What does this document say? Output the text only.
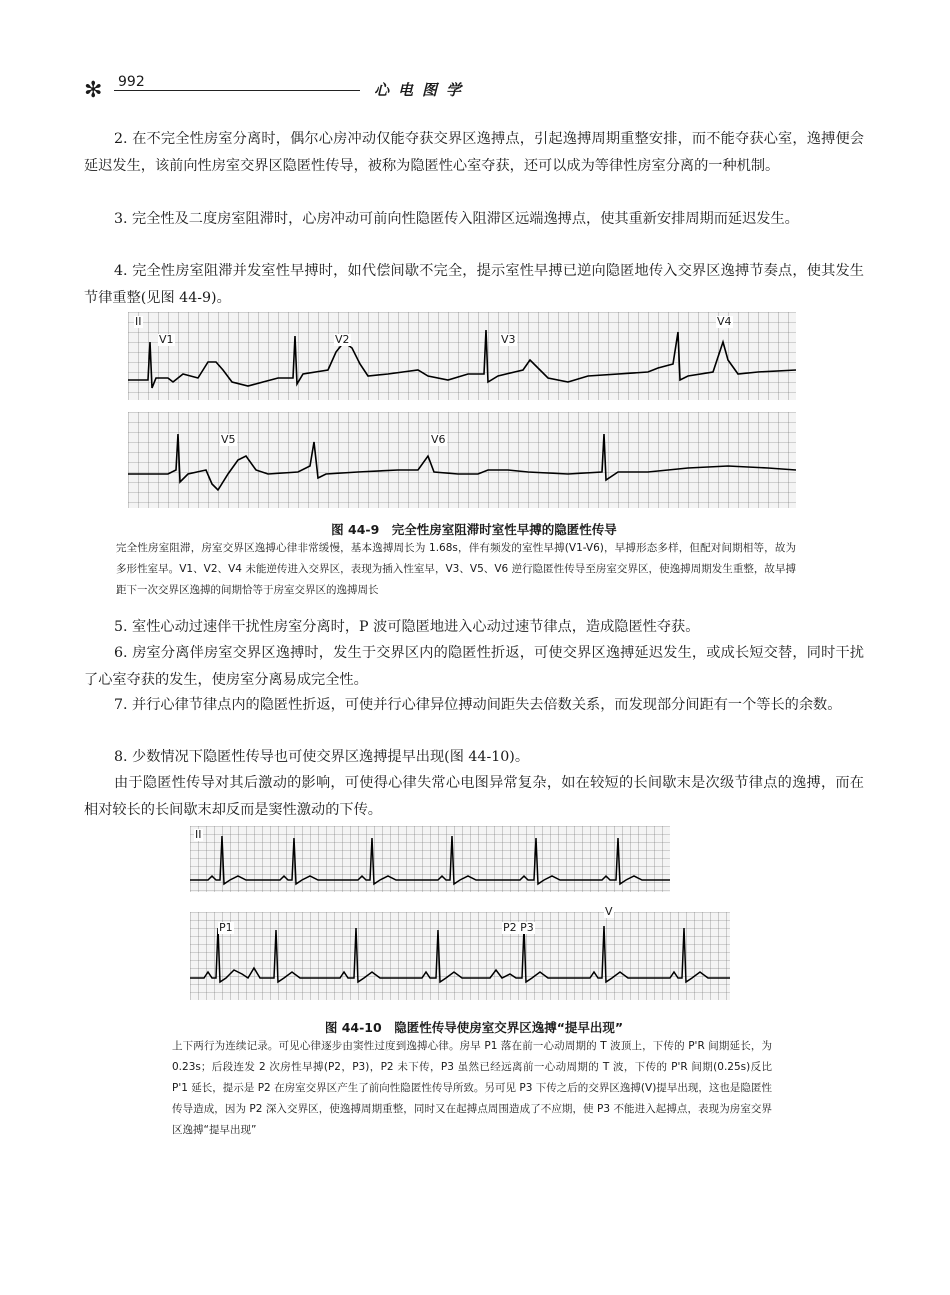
✻ 992	心电图学

2. 在不完全性房室分离时，偶尔心房冲动仅能夺获交界区逸搏点，引起逸搏周期重整安排，而不能夺获心室，逸搏便会延迟发生，该前向性房室交界区隐匿性传导，被称为隐匿性心室夺获，还可以成为等律性房室分离的一种机制。

3. 完全性及二度房室阻滞时，心房冲动可前向性隐匿传入阻滞区远端逸搏点，使其重新安排周期而延迟发生。

4. 完全性房室阻滞并发室性早搏时，如代偿间歇不完全，提示室性早搏已逆向隐匿地传入交界区逸搏节奏点，使其发生节律重整(见图 44-9)。

II
V1	V2	V3
V4
V5	V6
图 44-9　完全性房室阻滞时室性早搏的隐匿性传导

完全性房室阻滞，房室交界区逸搏心律非常缓慢，基本逸搏周长为 1.68s，伴有频发的室性早搏(V1-V6)，早搏形态多样，但配对间期相等，故为多形性室早。V1、V2、V4 未能逆传进入交界区，表现为插入性室早，V3、V5、V6 逆行隐匿性传导至房室交界区，使逸搏周期发生重整，故早搏距下一次交界区逸搏的间期恰等于房室交界区的逸搏周长

5. 室性心动过速伴干扰性房室分离时，P 波可隐匿地进入心动过速节律点，造成隐匿性夺获。

6. 房室分离伴房室交界区逸搏时，发生于交界区内的隐匿性折返，可使交界区逸搏延迟发生，或成长短交替，同时干扰了心室夺获的发生，使房室分离易成完全性。

7. 并行心律节律点内的隐匿性折返，可使并行心律异位搏动间距失去倍数关系，而发现部分间距有一个等长的余数。

8. 少数情况下隐匿性传导也可使交界区逸搏提早出现(图 44-10)。

由于隐匿性传导对其后激动的影响，可使得心律失常心电图异常复杂，如在较短的长间歇末是次级节律点的逸搏，而在相对较长的长间歇末却反而是窦性激动的下传。

II
P1	P2 P3
V
图 44-10　隐匿性传导使房室交界区逸搏“提早出现”

上下两行为连续记录。可见心律逐步由窦性过度到逸搏心律。房早 P1 落在前一心动周期的 T 波顶上，下传的 P'R 间期延长，为 0.23s；后段连发 2 次房性早搏(P2，P3)，P2 未下传，P3 虽然已经远离前一心动周期的 T 波，下传的 P'R 间期(0.25s)反比 P'1 延长，提示是 P2 在房室交界区产生了前向性隐匿性传导所致。另可见 P3 下传之后的交界区逸搏(V)提早出现，这也是隐匿性传导造成，因为 P2 深入交界区，使逸搏周期重整，同时又在起搏点周围造成了不应期，使 P3 不能进入起搏点，表现为房室交界区逸搏“提早出现”
